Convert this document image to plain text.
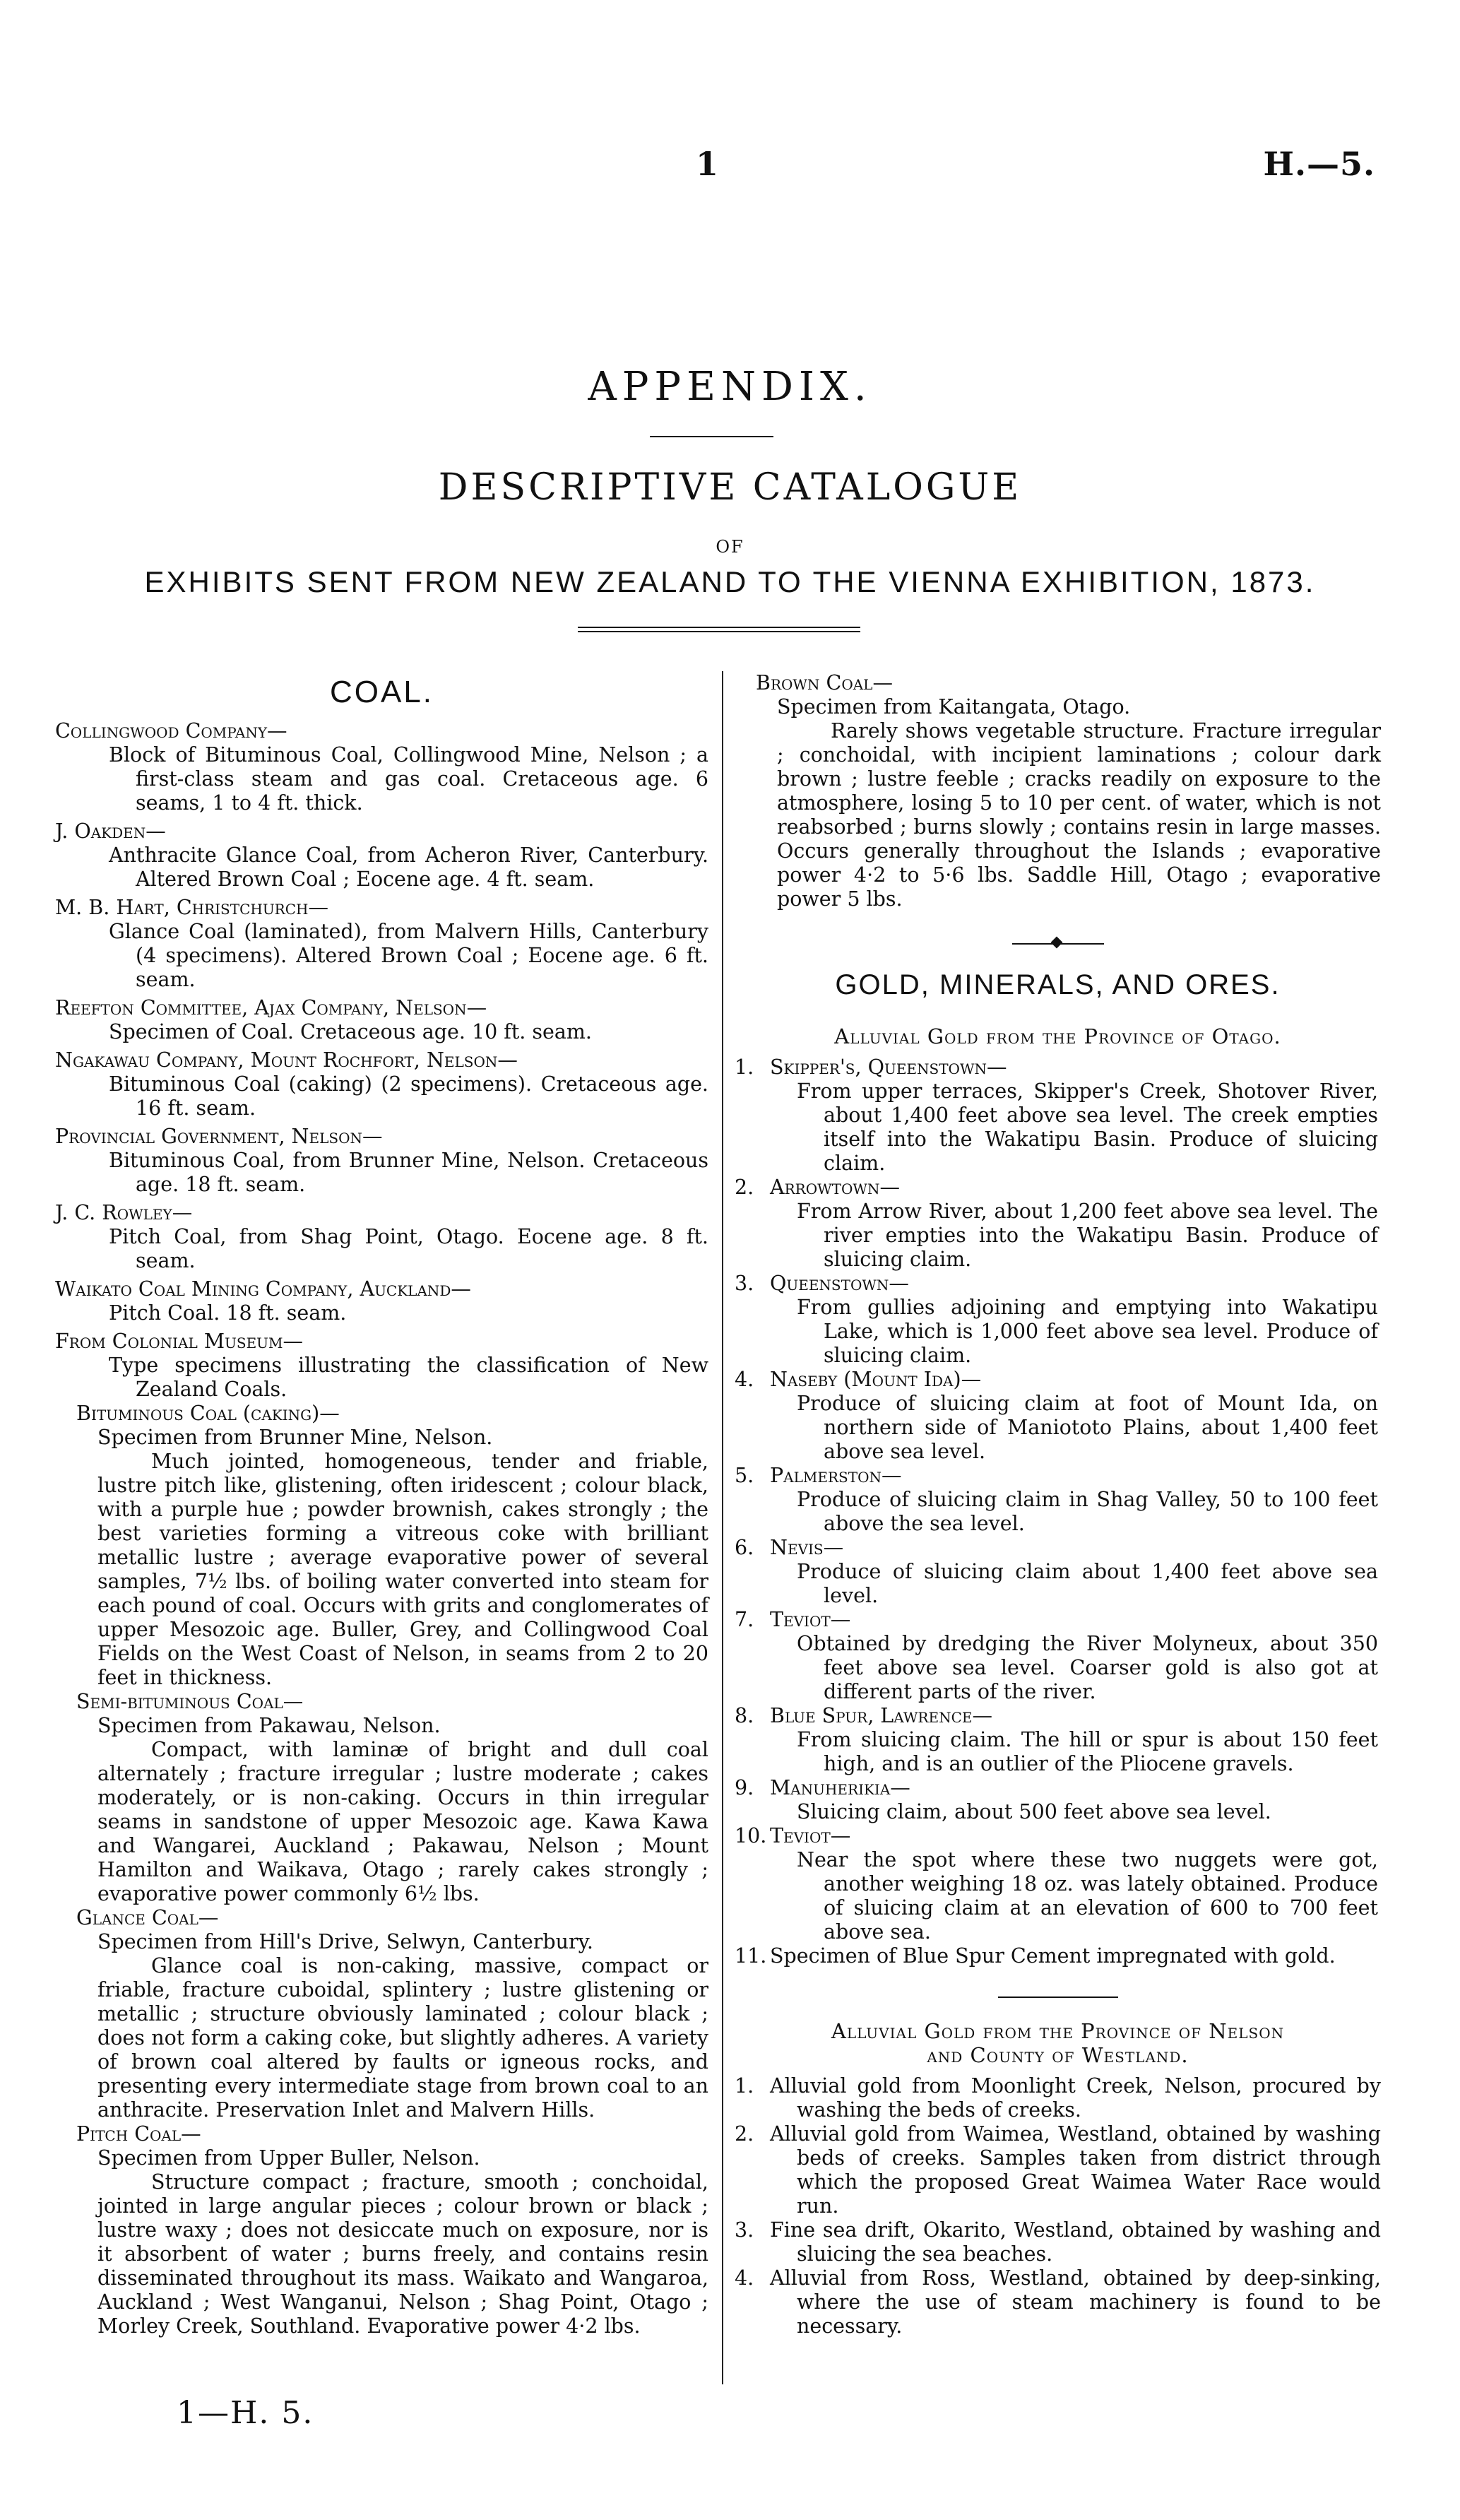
1	H.—5.
APPENDIX.
DESCRIPTIVE CATALOGUE
OF
EXHIBITS SENT FROM NEW ZEALAND TO THE VIENNA EXHIBITION, 1873.
COAL.

Collingwood Company—

Block of Bituminous Coal, Collingwood Mine, Nelson ; a first-class steam and gas coal. Cretaceous age. 6 seams, 1 to 4 ft. thick.

J. Oakden—

Anthracite Glance Coal, from Acheron River, Canterbury. Altered Brown Coal ; Eocene age. 4 ft. seam.

M. B. Hart, Christchurch—

Glance Coal (laminated), from Malvern Hills, Canterbury (4 specimens). Altered Brown Coal ; Eocene age. 6 ft. seam.

Reefton Committee, Ajax Company, Nelson—

Specimen of Coal. Cretaceous age. 10 ft. seam.

Ngakawau Company, Mount Rochfort, Nelson—

Bituminous Coal (caking) (2 specimens). Cretaceous age. 16 ft. seam.

Provincial Government, Nelson—

Bituminous Coal, from Brunner Mine, Nelson. Cretaceous age. 18 ft. seam.

J. C. Rowley—

Pitch Coal, from Shag Point, Otago. Eocene age. 8 ft. seam.

Waikato Coal Mining Company, Auckland—

Pitch Coal. 18 ft. seam.

From Colonial Museum—

Type specimens illustrating the classification of New Zealand Coals.

Bituminous Coal (caking)—

Specimen from Brunner Mine, Nelson.

Much jointed, homogeneous, tender and friable, lustre pitch like, glistening, often iridescent ; colour black, with a purple hue ; powder brownish, cakes strongly ; the best varieties forming a vitreous coke with brilliant metallic lustre ; average evaporative power of several samples, 7½ lbs. of boiling water converted into steam for each pound of coal. Occurs with grits and conglomerates of upper Mesozoic age. Buller, Grey, and Collingwood Coal Fields on the West Coast of Nelson, in seams from 2 to 20 feet in thickness.

Semi-bituminous Coal—

Specimen from Pakawau, Nelson.

Compact, with laminæ of bright and dull coal alternately ; fracture irregular ; lustre moderate ; cakes moderately, or is non-caking. Occurs in thin irregular seams in sandstone of upper Mesozoic age. Kawa Kawa and Wangarei, Auckland ; Pakawau, Nelson ; Mount Hamilton and Waikava, Otago ; rarely cakes strongly ; evaporative power commonly 6½ lbs.

Glance Coal—

Specimen from Hill's Drive, Selwyn, Canterbury.

Glance coal is non-caking, massive, compact or friable, fracture cuboidal, splintery ; lustre glistening or metallic ; structure obviously laminated ; colour black ; does not form a caking coke, but slightly adheres. A variety of brown coal altered by faults or igneous rocks, and presenting every intermediate stage from brown coal to an anthracite. Preservation Inlet and Malvern Hills.

Pitch Coal—

Specimen from Upper Buller, Nelson.

Structure compact ; fracture, smooth ; conchoidal, jointed in large angular pieces ; colour brown or black ; lustre waxy ; does not desiccate much on exposure, nor is it absorbent of water ; burns freely, and contains resin disseminated throughout its mass. Waikato and Wangaroa, Auckland ; West Wanganui, Nelson ; Shag Point, Otago ; Morley Creek, Southland. Evaporative power 4·2 lbs.

Brown Coal—

Specimen from Kaitangata, Otago.

Rarely shows vegetable structure. Fracture irregular ; conchoidal, with incipient laminations ; colour dark brown ; lustre feeble ; cracks readily on exposure to the atmosphere, losing 5 to 10 per cent. of water, which is not reabsorbed ; burns slowly ; contains resin in large masses. Occurs generally throughout the Islands ; evaporative power 4·2 to 5·6 lbs. Saddle Hill, Otago ; evaporative power 5 lbs.

GOLD, MINERALS, AND ORES.
Alluvial Gold from the Province of Otago.
1. Skipper's, Queenstown—

From upper terraces, Skipper's Creek, Shotover River, about 1,400 feet above sea level. The creek empties itself into the Wakatipu Basin. Produce of sluicing claim.

2. Arrowtown—

From Arrow River, about 1,200 feet above sea level. The river empties into the Wakatipu Basin. Produce of sluicing claim.

3. Queenstown—

From gullies adjoining and emptying into Wakatipu Lake, which is 1,000 feet above sea level. Produce of sluicing claim.

4. Naseby (Mount Ida)—

Produce of sluicing claim at foot of Mount Ida, on northern side of Maniototo Plains, about 1,400 feet above sea level.

5. Palmerston—

Produce of sluicing claim in Shag Valley, 50 to 100 feet above the sea level.

6. Nevis—

Produce of sluicing claim about 1,400 feet above sea level.

7. Teviot—

Obtained by dredging the River Molyneux, about 350 feet above sea level. Coarser gold is also got at different parts of the river.

8. Blue Spur, Lawrence—

From sluicing claim. The hill or spur is about 150 feet high, and is an outlier of the Pliocene gravels.

9. Manuherikia—

Sluicing claim, about 500 feet above sea level.

10. Teviot—

Near the spot where these two nuggets were got, another weighing 18 oz. was lately obtained. Produce of sluicing claim at an elevation of 600 to 700 feet above sea.

11. Specimen of Blue Spur Cement impregnated with gold.

Alluvial Gold from the Province of Nelson
and County of Westland.
1. Alluvial gold from Moonlight Creek, Nelson, procured by washing the beds of creeks.

2. Alluvial gold from Waimea, Westland, obtained by washing beds of creeks. Samples taken from district through which the proposed Great Waimea Water Race would run.

3. Fine sea drift, Okarito, Westland, obtained by washing and sluicing the sea beaches.

4. Alluvial from Ross, Westland, obtained by deep-sinking, where the use of steam machinery is found to be necessary.

1—H. 5.
